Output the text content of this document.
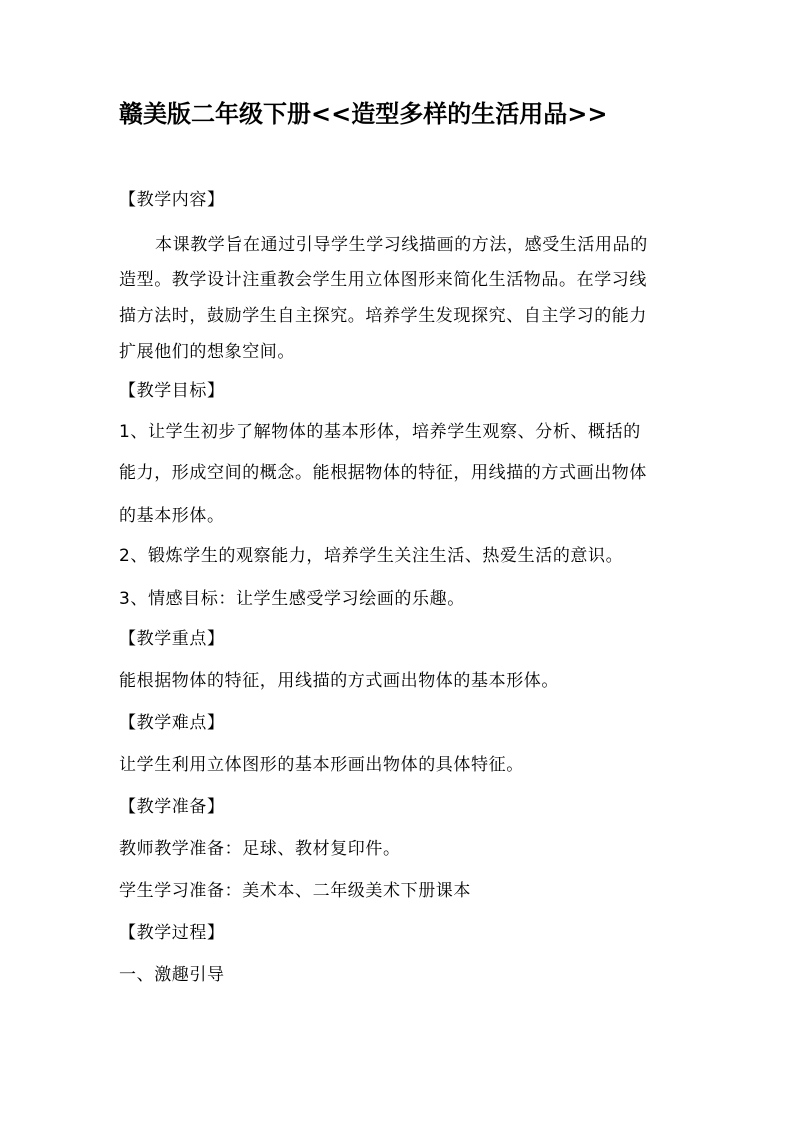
赣美版二年级下册<<造型多样的生活用品>>
【教学内容】
本课教学旨在通过引导学生学习线描画的方法，感受生活用品的
造型。教学设计注重教会学生用立体图形来简化生活物品。在学习线
描方法时，鼓励学生自主探究。培养学生发现探究、自主学习的能力
扩展他们的想象空间。
【教学目标】
1、让学生初步了解物体的基本形体，培养学生观察、分析、概括的
能力，形成空间的概念。能根据物体的特征，用线描的方式画出物体
的基本形体。
2、锻炼学生的观察能力，培养学生关注生活、热爱生活的意识。
3、情感目标：让学生感受学习绘画的乐趣。
【教学重点】
能根据物体的特征，用线描的方式画出物体的基本形体。
【教学难点】
让学生利用立体图形的基本形画出物体的具体特征。
【教学准备】
教师教学准备：足球、教材复印件。
学生学习准备：美术本、二年级美术下册课本
【教学过程】
一、激趣引导
